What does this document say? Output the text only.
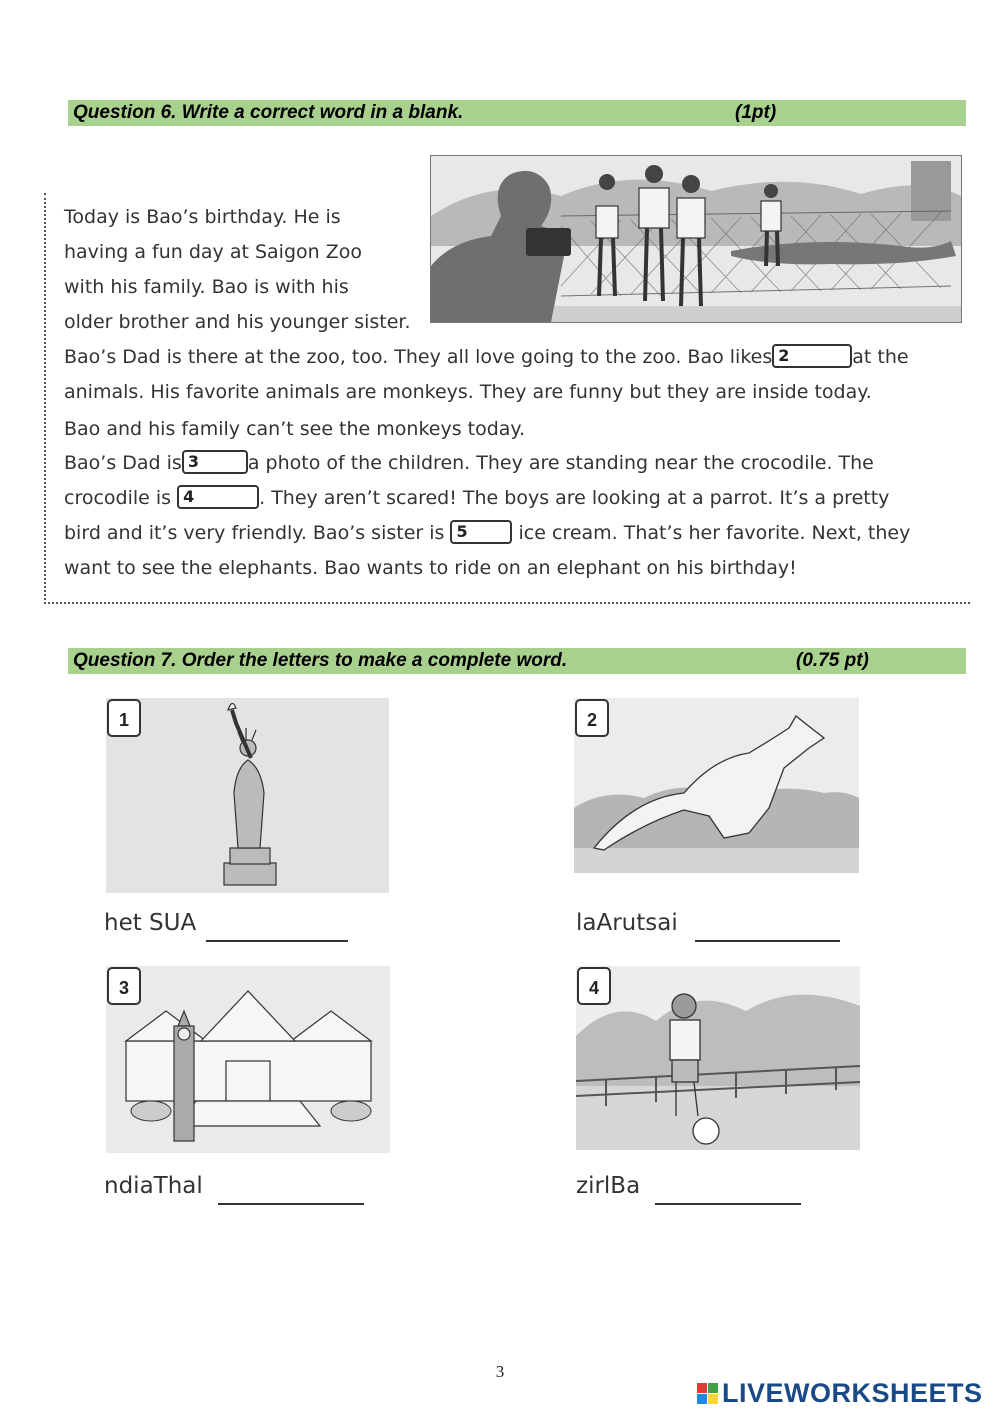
Question 6. Write a correct word in a blank.	(1pt)

Today is Bao’s birthday. He is

having a fun day at Saigon Zoo

with his family. Bao is with his

older brother and his younger sister.

Bao’s Dad is there at the zoo, too. They all love going to the zoo. Bao likes 2	at the

animals. His favorite animals are monkeys. They are funny but they are inside today.

Bao and his family can’t see the monkeys today.

Bao’s Dad is 3	a photo of the children. They are standing near the crocodile. The

crocodile is 4	. They aren’t scared! The boys are looking at a parrot. It’s a pretty

bird and it’s very friendly. Bao’s sister is 5	ice cream. That’s her favorite. Next, they

want to see the elephants. Bao wants to ride on an elephant on his birthday!

Question 7. Order the letters to make a complete word.	(0.75 pt)
1
het SUA
2
laArutsai
3
ndiaThal
4
zirlBa
3
LIVEWORKSHEETS
